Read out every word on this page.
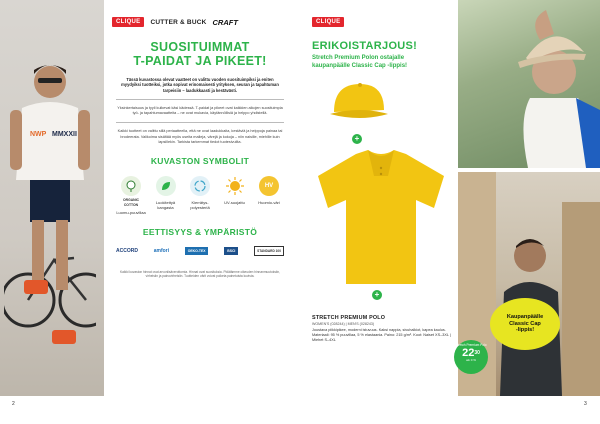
NWP MMXXII
CLIQUE	CUTTER & BUCK CRAFT
SUOSITUIMMAT
T-PAIDAT JA PIKEET!

Tässä kuvastossa olevat vaatteet on valittu vuoden suosituimpiksi ja eniten myydyiksi tuotteiksi, jotka sopivat erinomaisesti yrityksen, seuran ja tapahtuman tarpeisiin – laadukkaasti ja kestävästi.

Yksinkertaisuus ja tyyli kulkevat käsi kädessä. T-paidat ja pikeet ovat kaikkien aikojen suosituimpia työ- ja tapahtumavaatteita – ne ovat mukavia, käytännöllisiä ja helppo yhdistellä.

Kaikki tuotteet on valittu sillä periaatteella, että ne ovat laadukkaita, kestäviä ja helppoja painaa tai brodeerata. Valikoima sisältää myös useita malleja, värejä ja kokoja – niin naisille, miehille kuin lapsillekin. Tarkista tarkemmat tiedot tuotesivuilta.

KUVASTON SYMBOLIT
ORGANIC COTTON
Luomu-puuvillaa
Luokitettyä kangasta
Kierrätys-polyesteriä
UV-suojattu
HV
Huomio-väri
EETTISYYS & YMPÄRISTÖ
ACCORD	amfori	OEKO-TEX	BSCI	STANDARD 100

Kaikki kuvaston hinnat ovat arvonlisäverottomia. Hinnat ovat suosituksia. Pidätämme oikeuden hinnanmuutoksiin, virheisiin ja painovirheisiin. Tuotteiden värit voivat poiketa painetuista kuvista.

2
CLIQUE
ERIKOISTARJOUS!
Stretch Premium Polon ostajalle
kaupanpäälle Classic Cap -lippis!
+
+
STRETCH PREMIUM POLO
WOMEN'S (028244) | MEN'S (028243)
Joustava piikkipikee, moderni istuvuus. Kaksi nappia, sivuhalkiot, kapea kaulus. Materiaali: 95 % puuvillaa, 5 % elastaania. Paino: 215 g/m². Koot: Naiset XS–3XL | Miehet S–4XL
Kaupanpäälle
Classic Cap
-lippis!
Stretch Premium Polo
$22^{30}$
alv 0 %
3
